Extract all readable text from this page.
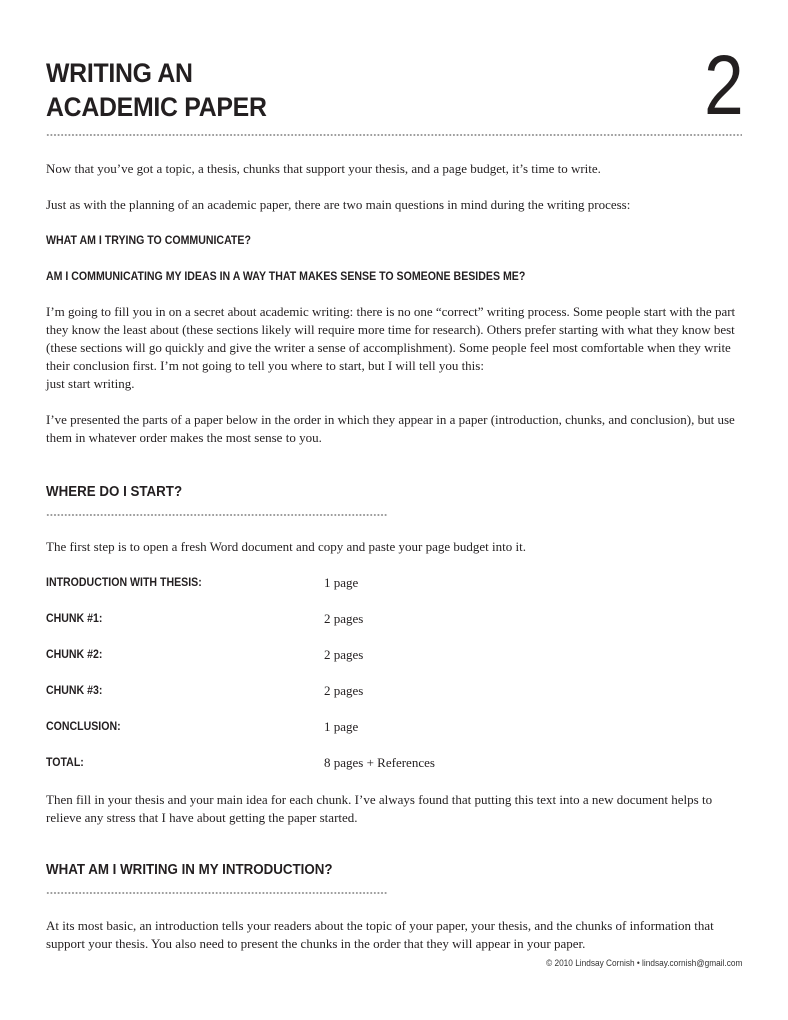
WRITING AN
ACADEMIC PAPER	2

Now that you’ve got a topic, a thesis, chunks that support your thesis, and a page budget, it’s time to write.

Just as with the planning of an academic paper, there are two main questions in mind during the writing process:

WHAT AM I TRYING TO COMMUNICATE?
AM I COMMUNICATING MY IDEAS IN A WAY THAT MAKES SENSE TO SOMEONE BESIDES ME?

I’m going to fill you in on a secret about academic writing: there is no one “correct” writing process. Some people start with the part they know the least about (these sections likely will require more time for research). Others prefer starting with what they know best (these sections will go quickly and give the writer a sense of accomplishment). Some people feel most comfortable when they write their conclusion first. I’m not going to tell you where to start, but I will tell you this:
just start writing.

I’ve presented the parts of a paper below in the order in which they appear in a paper (introduction, chunks, and conclusion), but use them in whatever order makes the most sense to you.

WHERE DO I START?

The first step is to open a fresh Word document and copy and paste your page budget into it.

INTRODUCTION WITH THESIS:	1 page
CHUNK #1:	2 pages
CHUNK #2:	2 pages
CHUNK #3:	2 pages
CONCLUSION:	1 page
TOTAL:	8 pages + References

Then fill in your thesis and your main idea for each chunk. I’ve always found that putting this text into a new document helps to relieve any stress that I have about getting the paper started.

WHAT AM I WRITING IN MY INTRODUCTION?

At its most basic, an introduction tells your readers about the topic of your paper, your thesis, and the chunks of information that support your thesis. You also need to present the chunks in the order that they will appear in your paper.

© 2010 Lindsay Cornish • lindsay.cornish@gmail.com
